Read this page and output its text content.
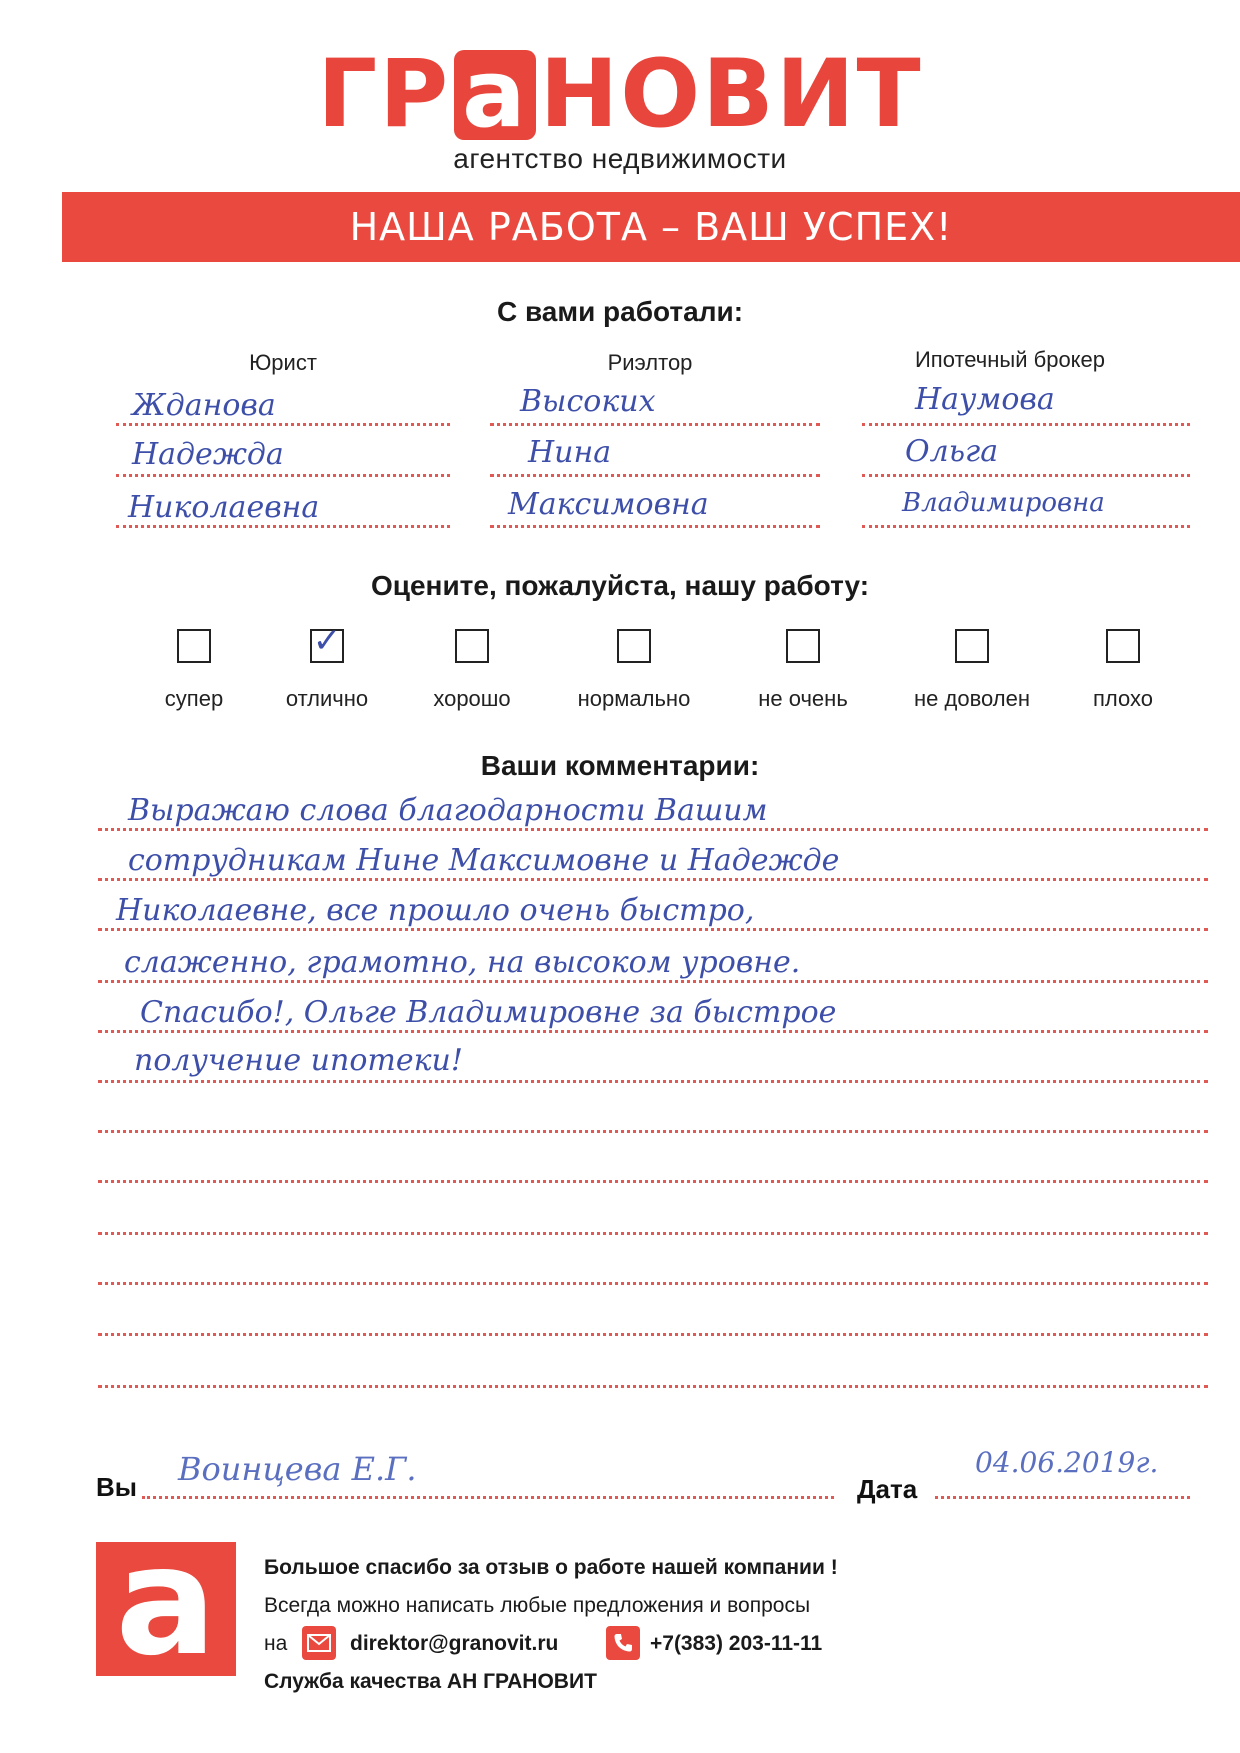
ГР а НОВИТ
агентство недвижимости
НАША РАБОТА – ВАШ УСПЕХ!
С вами работали:
Юрист
Жданова
Надежда
Николаевна
Риэлтор
Высоких
Нина
Максимовна
Ипотечный брокер
Наумова
Ольга
Владимировна
Оцените, пожалуйста, нашу работу:
✓
супер	отлично	хорошо	нормально	не очень	не доволен	плохо
Ваши комментарии:
Выражаю слова благодарности Вашим
сотрудникам Нине Максимовне и Надежде
Николаевне, все прошло очень быстро,
слаженно, грамотно, на высоком уровне.
Спасибо!, Ольге Владимировне за быстрое
получение ипотеки!
Вы Воинцева Е.Г.
Дата
04.06.2019г.
а	Большое спасибо за отзыв о работе нашей компании !
Всегда можно написать любые предложения и вопросы
на	direktor@granovit.ru	+7(383) 203-11-11
Служба качества АН ГРАНОВИТ
